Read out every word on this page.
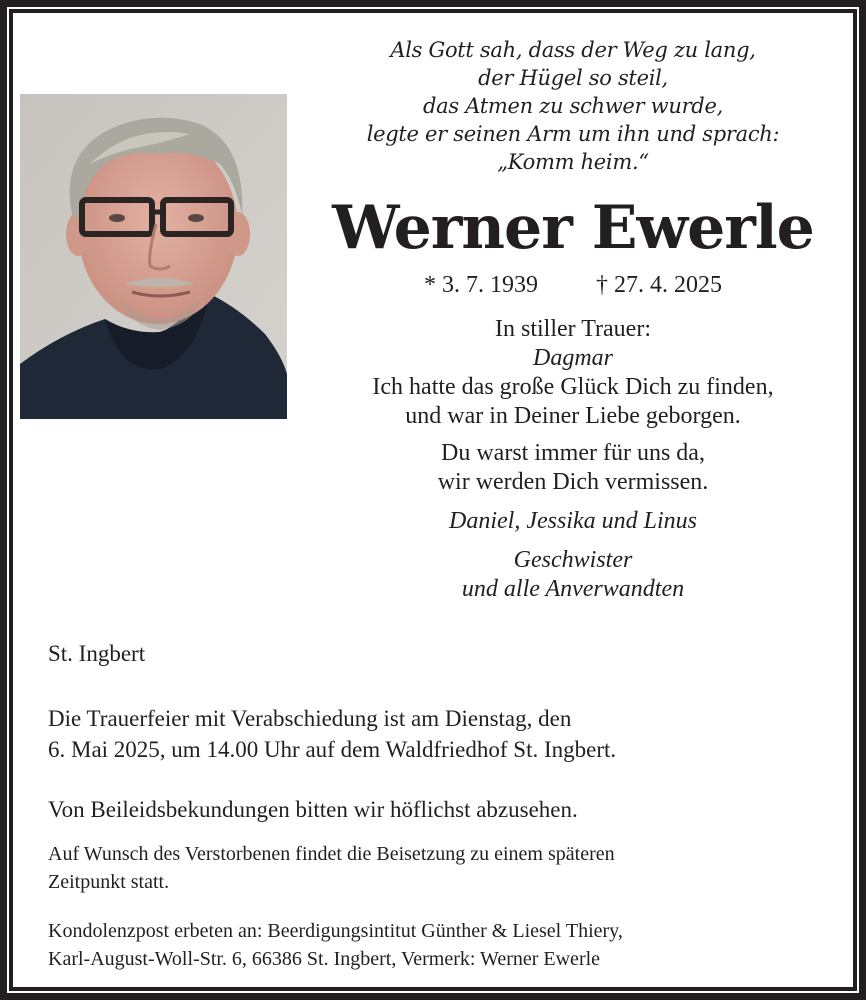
Als Gott sah, dass der Weg zu lang,
der Hügel so steil,
das Atmen zu schwer wurde,
legte er seinen Arm um ihn und sprach:
„Komm heim.“
Werner Ewerle
* 3. 7. 1939 † 27. 4. 2025
In stiller Trauer:
Dagmar
Ich hatte das große Glück Dich zu finden,
und war in Deiner Liebe geborgen.
Du warst immer für uns da,
wir werden Dich vermissen.
Daniel, Jessika und Linus
Geschwister
und alle Anverwandten
St. Ingbert
Die Trauerfeier mit Verabschiedung ist am Dienstag, den
6. Mai 2025, um 14.00 Uhr auf dem Waldfriedhof St. Ingbert.
Von Beileidsbekundungen bitten wir höflichst abzusehen.
Auf Wunsch des Verstorbenen findet die Beisetzung zu einem späteren
Zeitpunkt statt.
Kondolenzpost erbeten an: Beerdigungsintitut Günther & Liesel Thiery,
Karl-August-Woll-Str. 6, 66386 St. Ingbert, Vermerk: Werner Ewerle
